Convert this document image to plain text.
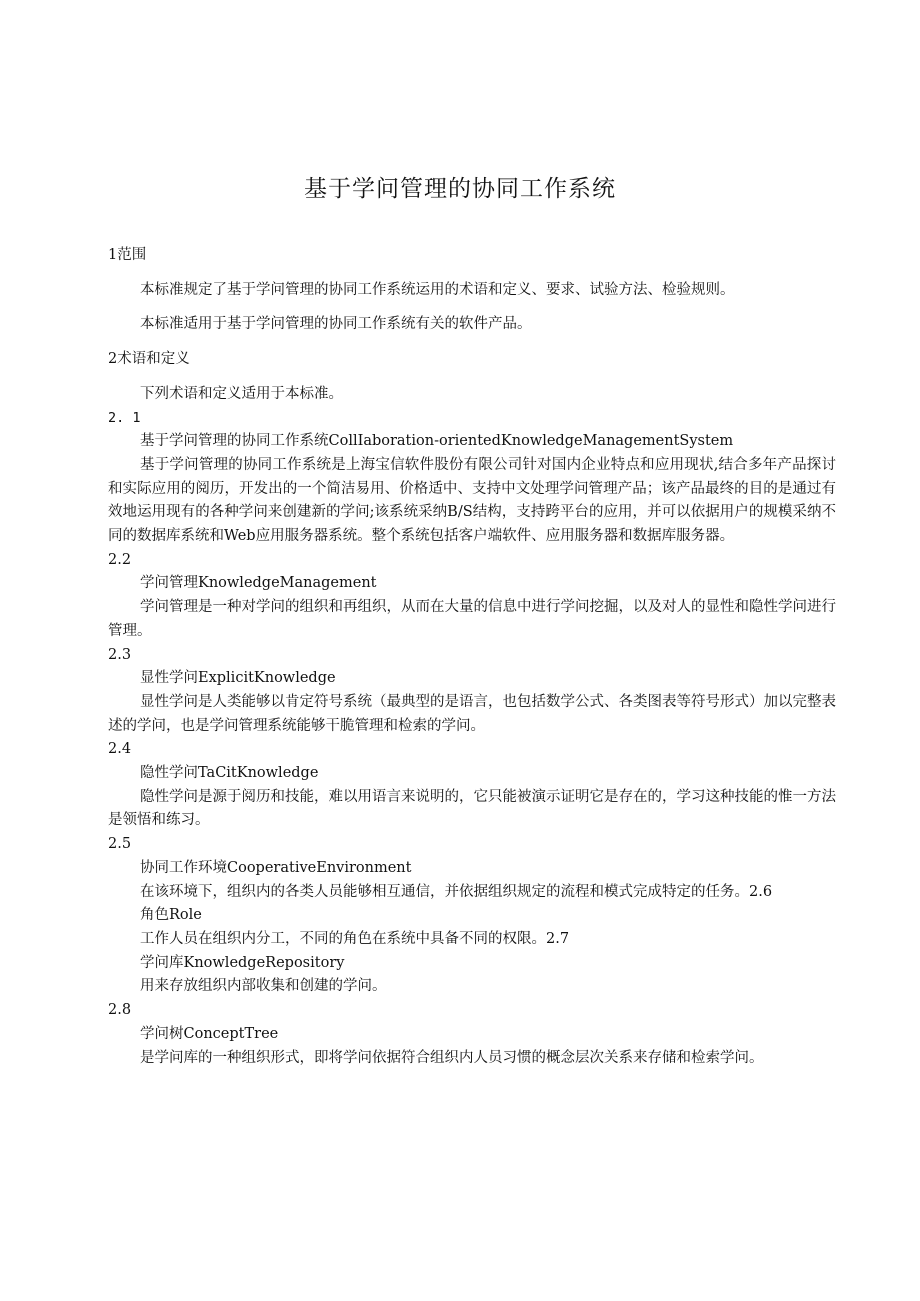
基于学问管理的协同工作系统

1范围

本标准规定了基于学问管理的协同工作系统运用的术语和定义、要求、试验方法、检验规则。

本标准适用于基于学问管理的协同工作系统有关的软件产品。

2术语和定义

下列术语和定义适用于本标准。

2. 1

基于学问管理的协同工作系统CollIaboration-orientedKnowledgeManagementSystem

基于学问管理的协同工作系统是上海宝信软件股份有限公司针对国内企业特点和应用现状,结合多年产品探讨和实际应用的阅历，开发出的一个简洁易用、价格适中、支持中文处理学问管理产品；该产品最终的目的是通过有效地运用现有的各种学问来创建新的学问;该系统采纳B/S结构，支持跨平台的应用，并可以依据用户的规模采纳不同的数据库系统和Web应用服务器系统。整个系统包括客户端软件、应用服务器和数据库服务器。

2.2

学问管理KnowledgeManagement

学问管理是一种对学问的组织和再组织，从而在大量的信息中进行学问挖掘，以及对人的显性和隐性学问进行管理。

2.3

显性学问ExplicitKnowledge

显性学问是人类能够以肯定符号系统（最典型的是语言，也包括数学公式、各类图表等符号形式）加以完整表述的学问，也是学问管理系统能够干脆管理和检索的学问。

2.4

隐性学问TaCitKnowledge

隐性学问是源于阅历和技能，难以用语言来说明的，它只能被演示证明它是存在的，学习这种技能的惟一方法是领悟和练习。

2.5

协同工作环境CooperativeEnvironment

在该环境下，组织内的各类人员能够相互通信，并依据组织规定的流程和模式完成特定的任务。2.6

角色Role

工作人员在组织内分工，不同的角色在系统中具备不同的权限。2.7

学问库KnowledgeRepository

用来存放组织内部收集和创建的学问。

2.8

学问树ConceptTree

是学问库的一种组织形式，即将学问依据符合组织内人员习惯的概念层次关系来存储和检索学问。
